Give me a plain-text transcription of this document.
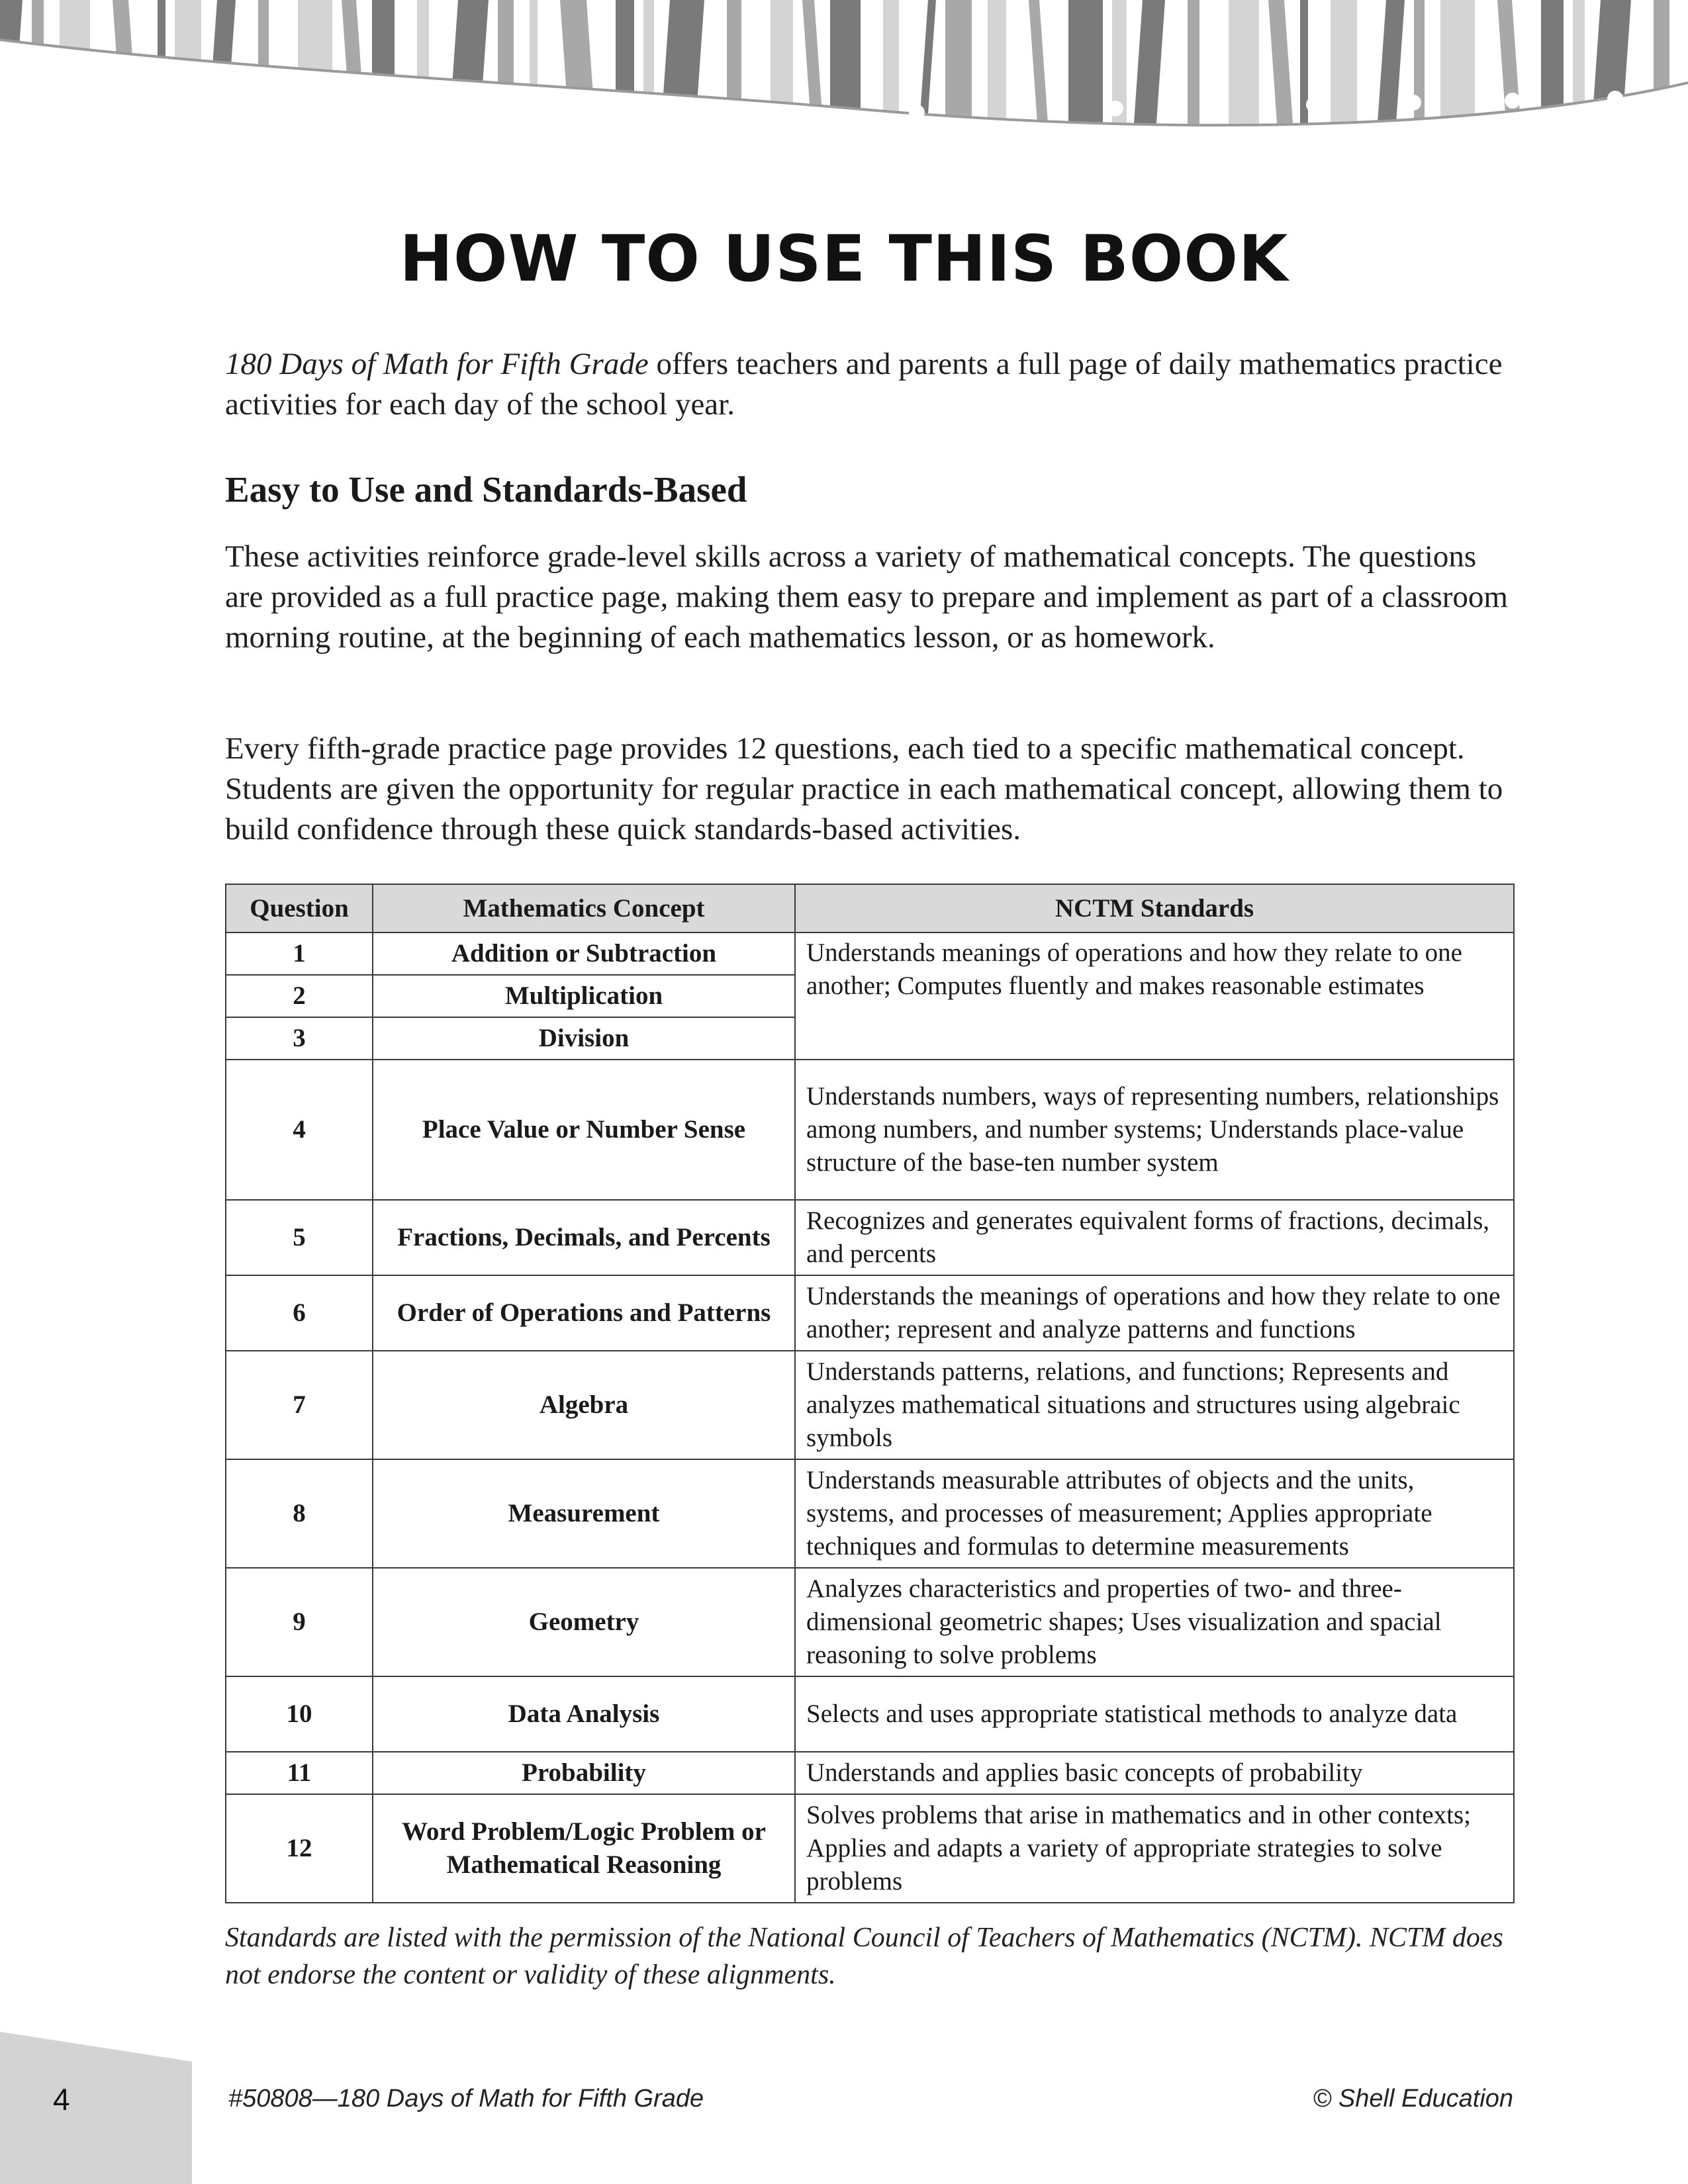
HOW TO USE THIS BOOK

180 Days of Math for Fifth Grade offers teachers and parents a full page of daily mathematics practice activities for each day of the school year.

Easy to Use and Standards-Based

These activities reinforce grade-level skills across a variety of mathematical concepts. The questions are provided as a full practice page, making them easy to prepare and implement as part of a classroom morning routine, at the beginning of each mathematics lesson, or as homework.

Every fifth-grade practice page provides 12 questions, each tied to a specific mathematical concept. Students are given the opportunity for regular practice in each mathematical concept, allowing them to build confidence through these quick standards-based activities.

Question	Mathematics Concept	NCTM Standards
1	Addition or Subtraction	Understands meanings of operations and how they relate to one another; Computes fluently and makes reasonable estimates
2	Multiplication	
3	Division	
4	Place Value or Number Sense	Understands numbers, ways of representing numbers, relationships among numbers, and number systems; Understands place-value structure of the base-ten number system
5	Fractions, Decimals, and Percents	Recognizes and generates equivalent forms of fractions, decimals, and percents
6	Order of Operations and Patterns	Understands the meanings of operations and how they relate to one another; represent and analyze patterns and functions
7	Algebra	Understands patterns, relations, and functions; Represents and analyzes mathematical situations and structures using algebraic symbols
8	Measurement	Understands measurable attributes of objects and the units, systems, and processes of measurement; Applies appropriate techniques and formulas to determine measurements
9	Geometry	Analyzes characteristics and properties of two- and three-dimensional geometric shapes; Uses visualization and spacial reasoning to solve problems
10	Data Analysis	Selects and uses appropriate statistical methods to analyze data
11	Probability	Understands and applies basic concepts of probability
12	Word Problem/Logic Problem or Mathematical Reasoning	Solves problems that arise in mathematics and in other contexts; Applies and adapts a variety of appropriate strategies to solve problems

Standards are listed with the permission of the National Council of Teachers of Mathematics (NCTM). NCTM does not endorse the content or validity of these alignments.

4	#50808—180 Days of Math for Fifth Grade	© Shell Education
